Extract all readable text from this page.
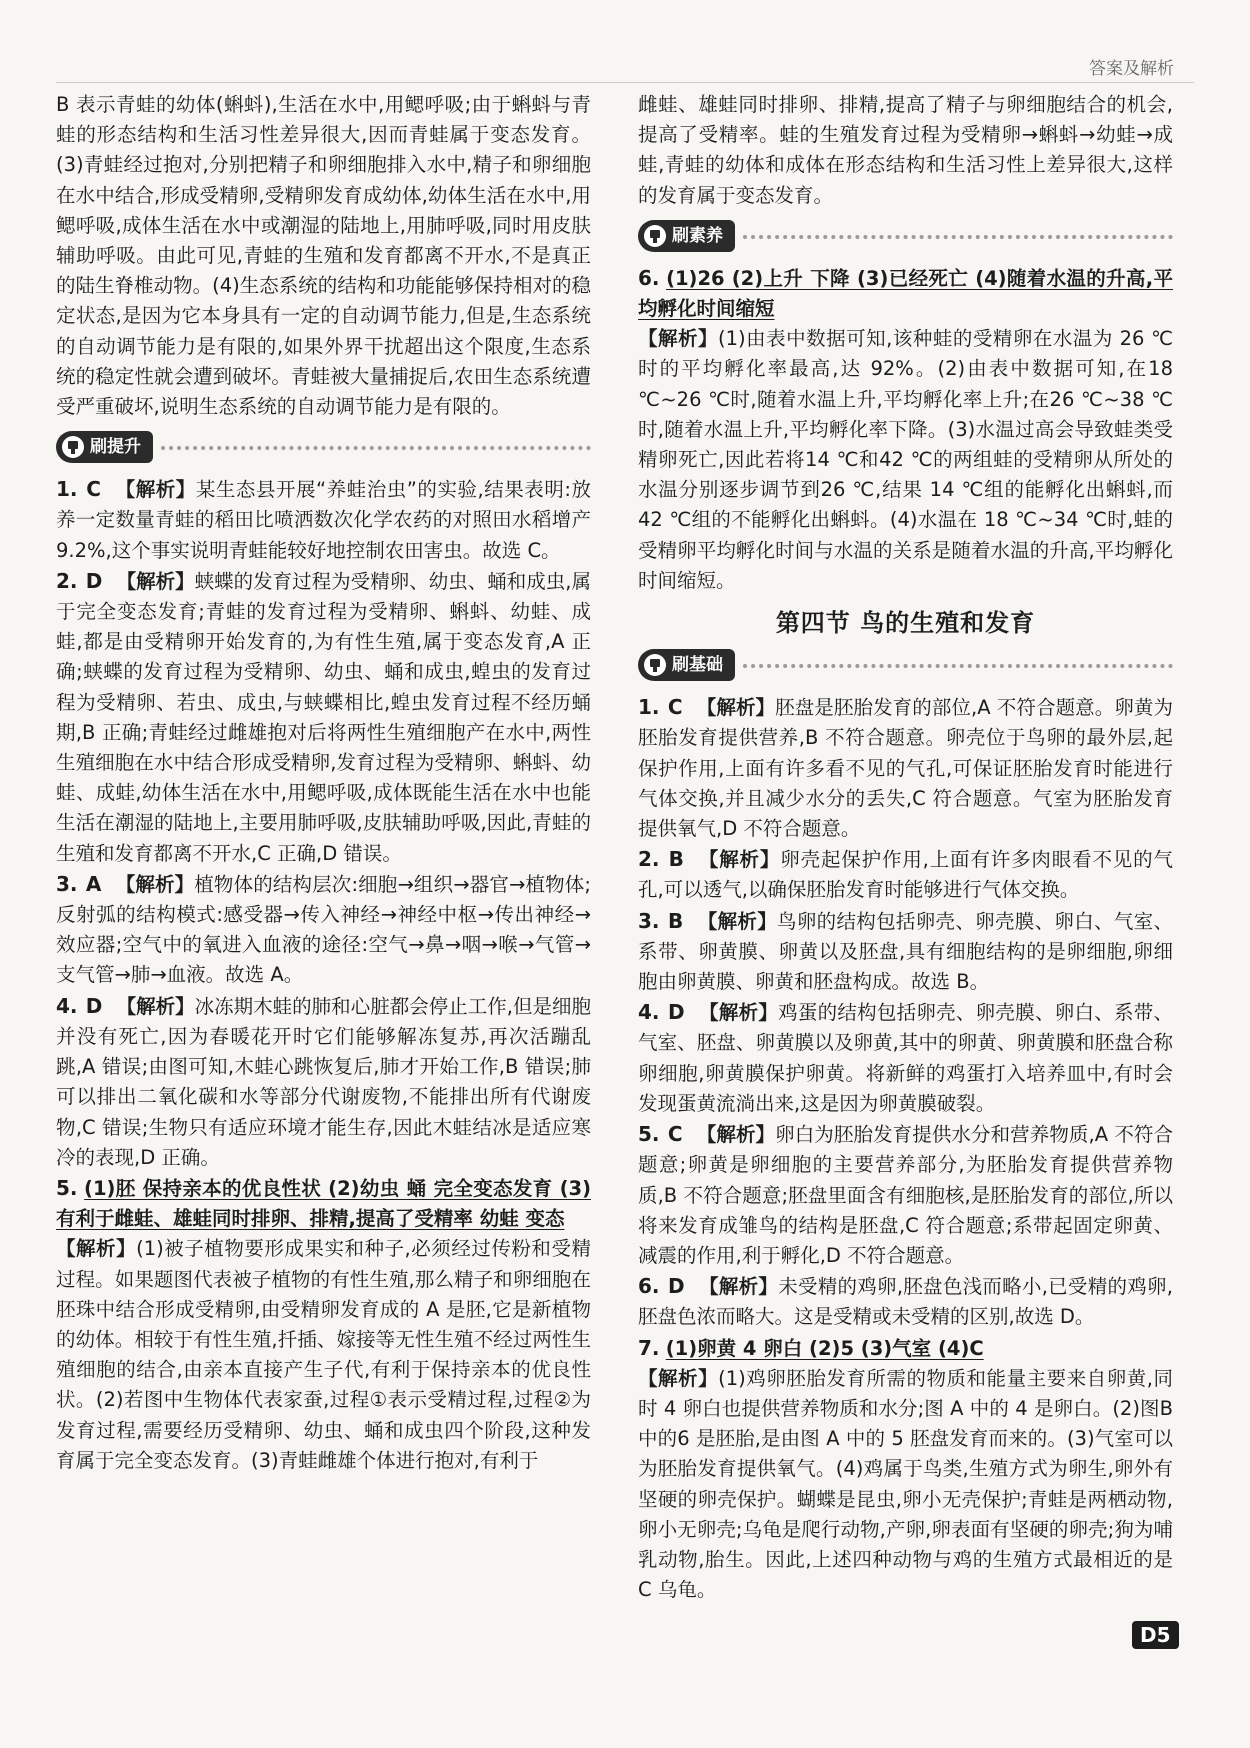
答案及解析

B 表示青蛙的幼体(蝌蚪),生活在水中,用鳃呼吸;由于蝌蚪与青蛙的形态结构和生活习性差异很大,因而青蛙属于变态发育。(3)青蛙经过抱对,分别把精子和卵细胞排入水中,精子和卵细胞在水中结合,形成受精卵,受精卵发育成幼体,幼体生活在水中,用鳃呼吸,成体生活在水中或潮湿的陆地上,用肺呼吸,同时用皮肤辅助呼吸。由此可见,青蛙的生殖和发育都离不开水,不是真正的陆生脊椎动物。(4)生态系统的结构和功能能够保持相对的稳定状态,是因为它本身具有一定的自动调节能力,但是,生态系统的自动调节能力是有限的,如果外界干扰超出这个限度,生态系统的稳定性就会遭到破坏。青蛙被大量捕捉后,农田生态系统遭受严重破坏,说明生态系统的自动调节能力是有限的。

刷提升

1. C 【解析】某生态县开展“养蛙治虫”的实验,结果表明:放养一定数量青蛙的稻田比喷洒数次化学农药的对照田水稻增产 9.2%,这个事实说明青蛙能较好地控制农田害虫。故选 C。

2. D 【解析】蛱蝶的发育过程为受精卵、幼虫、蛹和成虫,属于完全变态发育;青蛙的发育过程为受精卵、蝌蚪、幼蛙、成蛙,都是由受精卵开始发育的,为有性生殖,属于变态发育,A 正确;蛱蝶的发育过程为受精卵、幼虫、蛹和成虫,蝗虫的发育过程为受精卵、若虫、成虫,与蛱蝶相比,蝗虫发育过程不经历蛹期,B 正确;青蛙经过雌雄抱对后将两性生殖细胞产在水中,两性生殖细胞在水中结合形成受精卵,发育过程为受精卵、蝌蚪、幼蛙、成蛙,幼体生活在水中,用鳃呼吸,成体既能生活在水中也能生活在潮湿的陆地上,主要用肺呼吸,皮肤辅助呼吸,因此,青蛙的生殖和发育都离不开水,C 正确,D 错误。

3. A 【解析】植物体的结构层次:细胞→组织→器官→植物体;反射弧的结构模式:感受器→传入神经→神经中枢→传出神经→效应器;空气中的氧进入血液的途径:空气→鼻→咽→喉→气管→支气管→肺→血液。故选 A。

4. D 【解析】冰冻期木蛙的肺和心脏都会停止工作,但是细胞并没有死亡,因为春暖花开时它们能够解冻复苏,再次活蹦乱跳,A 错误;由图可知,木蛙心跳恢复后,肺才开始工作,B 错误;肺可以排出二氧化碳和水等部分代谢废物,不能排出所有代谢废物,C 错误;生物只有适应环境才能生存,因此木蛙结冰是适应寒冷的表现,D 正确。

5. (1)胚 保持亲本的优良性状 (2)幼虫 蛹 完全变态发育 (3)有利于雌蛙、雄蛙同时排卵、排精,提高了受精率 幼蛙 变态

【解析】(1)被子植物要形成果实和种子,必须经过传粉和受精过程。如果题图代表被子植物的有性生殖,那么精子和卵细胞在胚珠中结合形成受精卵,由受精卵发育成的 A 是胚,它是新植物的幼体。相较于有性生殖,扦插、嫁接等无性生殖不经过两性生殖细胞的结合,由亲本直接产生子代,有利于保持亲本的优良性状。(2)若图中生物体代表家蚕,过程①表示受精过程,过程②为发育过程,需要经历受精卵、幼虫、蛹和成虫四个阶段,这种发育属于完全变态发育。(3)青蛙雌雄个体进行抱对,有利于

雌蛙、雄蛙同时排卵、排精,提高了精子与卵细胞结合的机会,提高了受精率。蛙的生殖发育过程为受精卵→蝌蚪→幼蛙→成蛙,青蛙的幼体和成体在形态结构和生活习性上差异很大,这样的发育属于变态发育。

刷素养

6. (1)26 (2)上升 下降 (3)已经死亡 (4)随着水温的升高,平均孵化时间缩短

【解析】(1)由表中数据可知,该种蛙的受精卵在水温为 26 ℃时的平均孵化率最高,达 92%。(2)由表中数据可知,在18 ℃~26 ℃时,随着水温上升,平均孵化率上升;在26 ℃~38 ℃时,随着水温上升,平均孵化率下降。(3)水温过高会导致蛙类受精卵死亡,因此若将14 ℃和42 ℃的两组蛙的受精卵从所处的水温分别逐步调节到26 ℃,结果 14 ℃组的能孵化出蝌蚪,而 42 ℃组的不能孵化出蝌蚪。(4)水温在 18 ℃~34 ℃时,蛙的受精卵平均孵化时间与水温的关系是随着水温的升高,平均孵化时间缩短。

第四节 鸟的生殖和发育
刷基础

1. C 【解析】胚盘是胚胎发育的部位,A 不符合题意。卵黄为胚胎发育提供营养,B 不符合题意。卵壳位于鸟卵的最外层,起保护作用,上面有许多看不见的气孔,可保证胚胎发育时能进行气体交换,并且减少水分的丢失,C 符合题意。气室为胚胎发育提供氧气,D 不符合题意。

2. B 【解析】卵壳起保护作用,上面有许多肉眼看不见的气孔,可以透气,以确保胚胎发育时能够进行气体交换。

3. B 【解析】鸟卵的结构包括卵壳、卵壳膜、卵白、气室、系带、卵黄膜、卵黄以及胚盘,具有细胞结构的是卵细胞,卵细胞由卵黄膜、卵黄和胚盘构成。故选 B。

4. D 【解析】鸡蛋的结构包括卵壳、卵壳膜、卵白、系带、气室、胚盘、卵黄膜以及卵黄,其中的卵黄、卵黄膜和胚盘合称卵细胞,卵黄膜保护卵黄。将新鲜的鸡蛋打入培养皿中,有时会发现蛋黄流淌出来,这是因为卵黄膜破裂。

5. C 【解析】卵白为胚胎发育提供水分和营养物质,A 不符合题意;卵黄是卵细胞的主要营养部分,为胚胎发育提供营养物质,B 不符合题意;胚盘里面含有细胞核,是胚胎发育的部位,所以将来发育成雏鸟的结构是胚盘,C 符合题意;系带起固定卵黄、减震的作用,利于孵化,D 不符合题意。

6. D 【解析】未受精的鸡卵,胚盘色浅而略小,已受精的鸡卵,胚盘色浓而略大。这是受精或未受精的区别,故选 D。

7. (1)卵黄 4 卵白 (2)5 (3)气室 (4)C

【解析】(1)鸡卵胚胎发育所需的物质和能量主要来自卵黄,同时 4 卵白也提供营养物质和水分;图 A 中的 4 是卵白。(2)图B 中的6 是胚胎,是由图 A 中的 5 胚盘发育而来的。(3)气室可以为胚胎发育提供氧气。(4)鸡属于鸟类,生殖方式为卵生,卵外有坚硬的卵壳保护。蝴蝶是昆虫,卵小无壳保护;青蛙是两栖动物,卵小无卵壳;乌龟是爬行动物,产卵,卵表面有坚硬的卵壳;狗为哺乳动物,胎生。因此,上述四种动物与鸡的生殖方式最相近的是 C 乌龟。

D5
